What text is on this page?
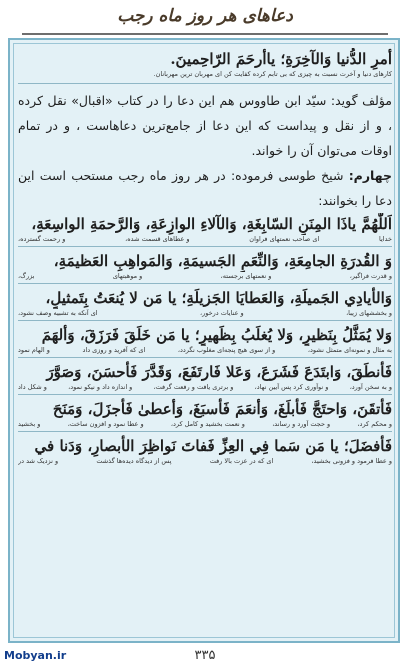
دعاهای هر روز ماه رجب
أمرِ الدُّنيا وَالآخِرَةِ؛ ياأرحَمَ الرّاحِمينَ.
کارهای دنیا و آخرت نسبت به چیزی که بی تابم کرده کفایت کن ای مهربان ترین مهربانان.
مؤلف گويد: سيّد ابن طاووس هم اين دعا را در كتاب «اقبال» نقل كرده ، و از نقل و پيداست كه اين دعا از جامع‌ترين دعاهاست ، و در تمام اوقات مى‌توان آن را خواند.
چهارم: شيخ طوسى فرموده: در هر روز ماه رجب مستحب است اين دعا را بخوانند:
اَللّٰهُمَّ ياذَا المِنَنِ السّابِغَةِ، وَالآلاءِ الوازِعَةِ، وَالرَّحمَةِ الواسِعَةِ،
خدایا
ای صاحب نعمتهای فراوان
و عطاهای قسمت شده،
و رحمت گسترده،
وَ القُدرَةِ الجامِعَةِ، وَالنِّعَمِ الجَسيمَةِ، وَالمَواهِبِ العَظيمَةِ،
و قدرت فراگیر،
و نعمتهای برجسته،
و موهبتهای
بزرگ،
وَالأيادِي الجَميلَةِ، وَالعَطايَا الجَزيلَةِ؛ يا مَن لا يُنعَتُ بِتَمثيلٍ،
و بخششهای زیبا،
و عنایات درخور،
ای آنکه به تشبیه وصف نشود،
وَلا يُمَثَّلُ بِنَظيرٍ، وَلا يُغلَبُ بِظَهيرٍ؛ يا مَن خَلَقَ فَرَزَقَ، وَألهَمَ
به مثال و نمونه‌ای متمثل نشود،
و از سوی هیچ پنجه‌ای مغلوب نگردد،
ای که آفرید و روزی داد
و الهام نمود
فَأنطَقَ، وَابتَدَعَ فَشَرَعَ، وَعَلا فَارتَفَعَ، وَقَدَّرَ فَأحسَنَ، وَصَوَّرَ
و به سخن آورد،
و نوآوری کرد پس آیین نهاد،
و برتری یافت و رفعت گرفت،
و اندازه داد و نیکو نمود،
و شکل داد
فَأتقَنَ، وَاحتَجَّ فَأبلَغَ، وَأنعَمَ فَأسبَغَ، وَأعطىٰ فَأجزَلَ، وَمَنَحَ
و محکم کرد،
و حجت آورد و رساند،
و نعمت بخشید و کامل کرد،
و عطا نمود و افزون ساخت،
و بخشید
فَأفضَلَ؛ يا مَن سَما فِي العِزِّ فَفاتَ نَواظِرَ الأبصارِ، وَدَنا في
و عطا فرمود و فزونی بخشید،
ای که در عزت بالا رفت
پس از دیدگاه دیده‌ها گذشت
و نزدیک شد در
۳۳۵
Mobyan.ir
